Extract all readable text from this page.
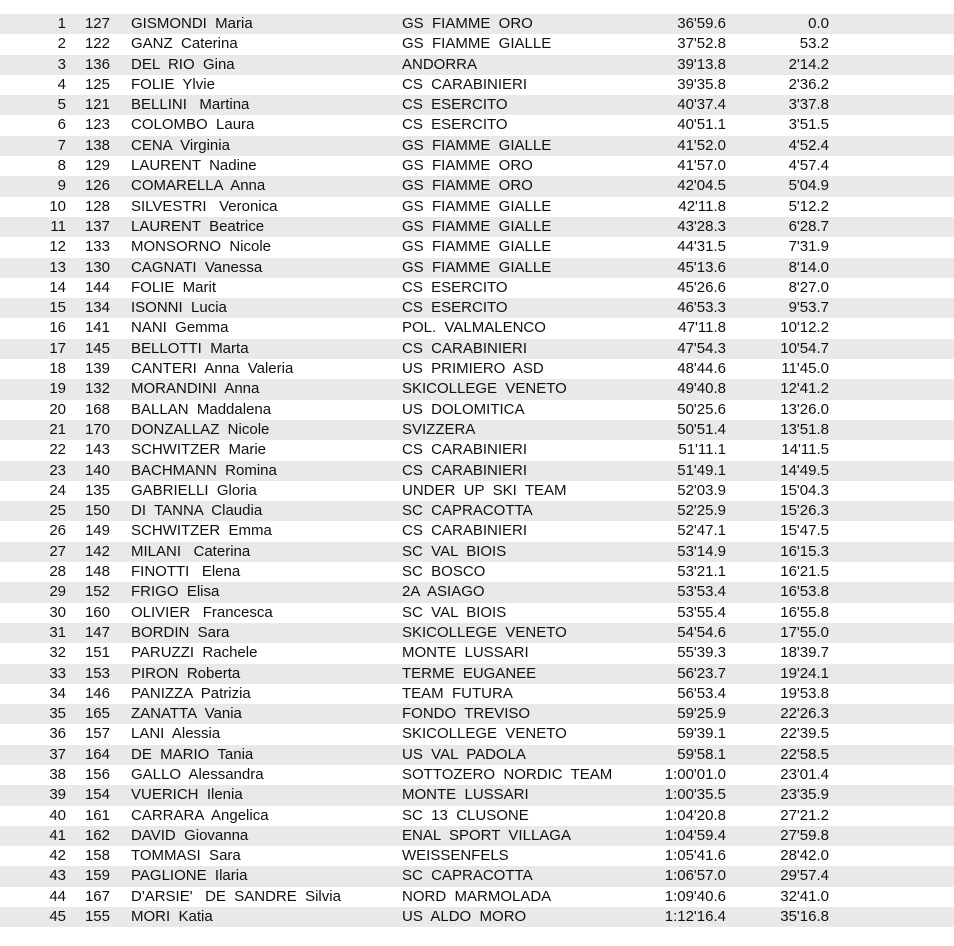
1 127 GISMONDI  Maria	GS  FIAMME  ORO	36'59.6	0.0
2 122 GANZ  Caterina	GS  FIAMME  GIALLE	37'52.8	53.2
3 136 DEL  RIO  Gina	ANDORRA	39'13.8	2'14.2
4 125 FOLIE  Ylvie	CS  CARABINIERI	39'35.8	2'36.2
5 121 BELLINI   Martina	CS  ESERCITO	40'37.4	3'37.8
6 123 COLOMBO  Laura	CS  ESERCITO	40'51.1	3'51.5
7 138 CENA  Virginia	GS  FIAMME  GIALLE	41'52.0	4'52.4
8 129 LAURENT  Nadine	GS  FIAMME  ORO	41'57.0	4'57.4
9 126 COMARELLA  Anna	GS  FIAMME  ORO	42'04.5	5'04.9
10 128 SILVESTRI   Veronica	GS  FIAMME  GIALLE	42'11.8	5'12.2
11 137 LAURENT  Beatrice	GS  FIAMME  GIALLE	43'28.3	6'28.7
12 133 MONSORNO  Nicole	GS  FIAMME  GIALLE	44'31.5	7'31.9
13 130 CAGNATI  Vanessa	GS  FIAMME  GIALLE	45'13.6	8'14.0
14 144 FOLIE  Marit	CS  ESERCITO	45'26.6	8'27.0
15 134 ISONNI  Lucia	CS  ESERCITO	46'53.3	9'53.7
16 141 NANI  Gemma	POL.  VALMALENCO	47'11.8	10'12.2
17 145 BELLOTTI  Marta	CS  CARABINIERI	47'54.3	10'54.7
18 139 CANTERI  Anna  Valeria	US  PRIMIERO  ASD	48'44.6	11'45.0
19 132 MORANDINI  Anna	SKICOLLEGE  VENETO	49'40.8	12'41.2
20 168 BALLAN  Maddalena	US  DOLOMITICA	50'25.6	13'26.0
21 170 DONZALLAZ  Nicole	SVIZZERA	50'51.4	13'51.8
22 143 SCHWITZER  Marie	CS  CARABINIERI	51'11.1	14'11.5
23 140 BACHMANN  Romina	CS  CARABINIERI	51'49.1	14'49.5
24 135 GABRIELLI  Gloria	UNDER  UP  SKI  TEAM	52'03.9	15'04.3
25 150 DI  TANNA  Claudia	SC  CAPRACOTTA	52'25.9	15'26.3
26 149 SCHWITZER  Emma	CS  CARABINIERI	52'47.1	15'47.5
27 142 MILANI   Caterina	SC  VAL  BIOIS	53'14.9	16'15.3
28 148 FINOTTI   Elena	SC  BOSCO	53'21.1	16'21.5
29 152 FRIGO  Elisa	2A  ASIAGO	53'53.4	16'53.8
30 160 OLIVIER   Francesca	SC  VAL  BIOIS	53'55.4	16'55.8
31 147 BORDIN  Sara	SKICOLLEGE  VENETO	54'54.6	17'55.0
32 151 PARUZZI  Rachele	MONTE  LUSSARI	55'39.3	18'39.7
33 153 PIRON  Roberta	TERME  EUGANEE	56'23.7	19'24.1
34 146 PANIZZA  Patrizia	TEAM  FUTURA	56'53.4	19'53.8
35 165 ZANATTA  Vania	FONDO  TREVISO	59'25.9	22'26.3
36 157 LANI  Alessia	SKICOLLEGE  VENETO	59'39.1	22'39.5
37 164 DE  MARIO  Tania	US  VAL  PADOLA	59'58.1	22'58.5
38 156 GALLO  Alessandra	SOTTOZERO  NORDIC  TEAM	1:00'01.0	23'01.4
39 154 VUERICH  Ilenia	MONTE  LUSSARI	1:00'35.5	23'35.9
40 161 CARRARA  Angelica	SC  13  CLUSONE	1:04'20.8	27'21.2
41 162 DAVID  Giovanna	ENAL  SPORT  VILLAGA	1:04'59.4	27'59.8
42 158 TOMMASI  Sara	WEISSENFELS	1:05'41.6	28'42.0
43 159 PAGLIONE  Ilaria	SC  CAPRACOTTA	1:06'57.0	29'57.4
44 167 D'ARSIE'   DE  SANDRE  Silvia	NORD  MARMOLADA	1:09'40.6	32'41.0
45 155 MORI  Katia	US  ALDO  MORO	1:12'16.4	35'16.8
